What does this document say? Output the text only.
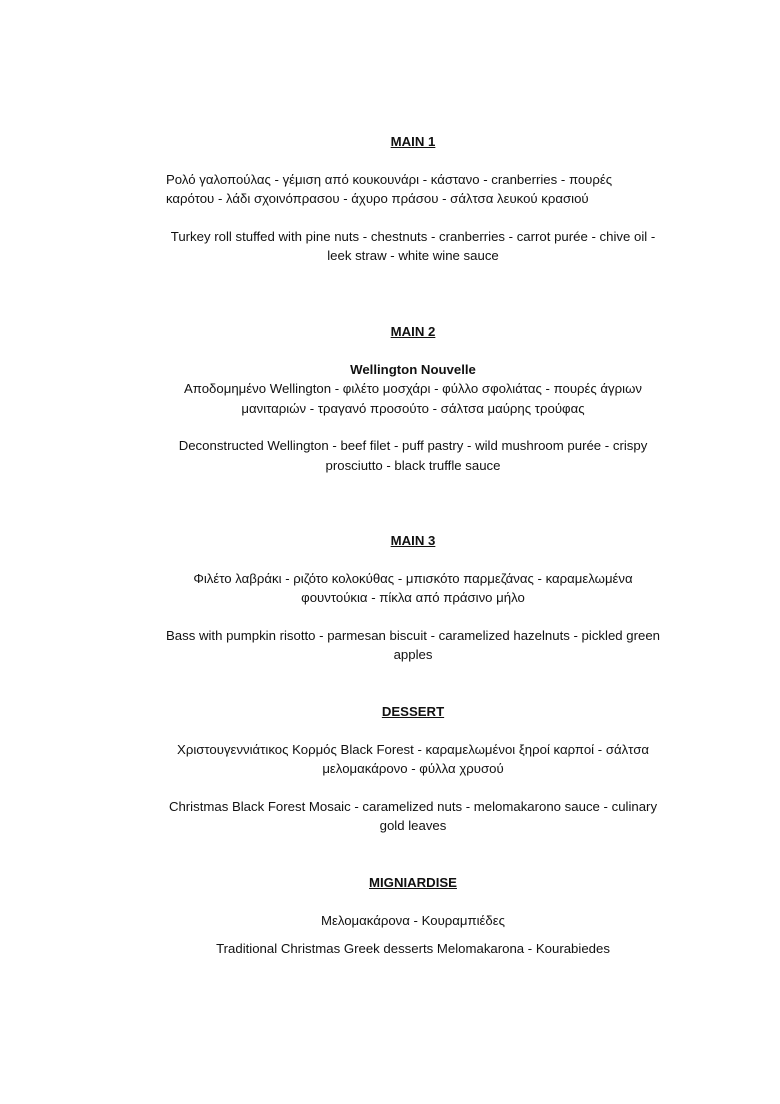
MAIN 1
Ρολό γαλοπούλας - γέμιση από κουκουνάρι - κάστανο - cranberries - πουρές καρότου - λάδι σχοινόπρασου - άχυρο πράσου - σάλτσα λευκού κρασιού
Turkey roll stuffed with pine nuts - chestnuts - cranberries - carrot purée - chive oil - leek straw - white wine sauce
MAIN 2
Wellington Nouvelle
Αποδομημένο Wellington - φιλέτο μοσχάρι - φύλλο σφολιάτας - πουρές άγριων μανιταριών - τραγανό προσούτο - σάλτσα μαύρης τρούφας
Deconstructed Wellington - beef filet - puff pastry - wild mushroom purée - crispy prosciutto - black truffle sauce
MAIN 3
Φιλέτο λαβράκι - ριζότο κολοκύθας - μπισκότο παρμεζάνας - καραμελωμένα φουντούκια - πίκλα από πράσινο μήλο
Bass with pumpkin risotto - parmesan biscuit - caramelized hazelnuts - pickled green apples
DESSERT
Χριστουγεννιάτικος Κορμός Black Forest - καραμελωμένοι ξηροί καρποί - σάλτσα μελομακάρονο - φύλλα χρυσού
Christmas Black Forest Mosaic - caramelized nuts - melomakarono sauce - culinary gold leaves
MIGNIARDISE
Μελομακάρονα - Κουραμπιέδες
Traditional Christmas Greek desserts Melomakarona - Kourabiedes
